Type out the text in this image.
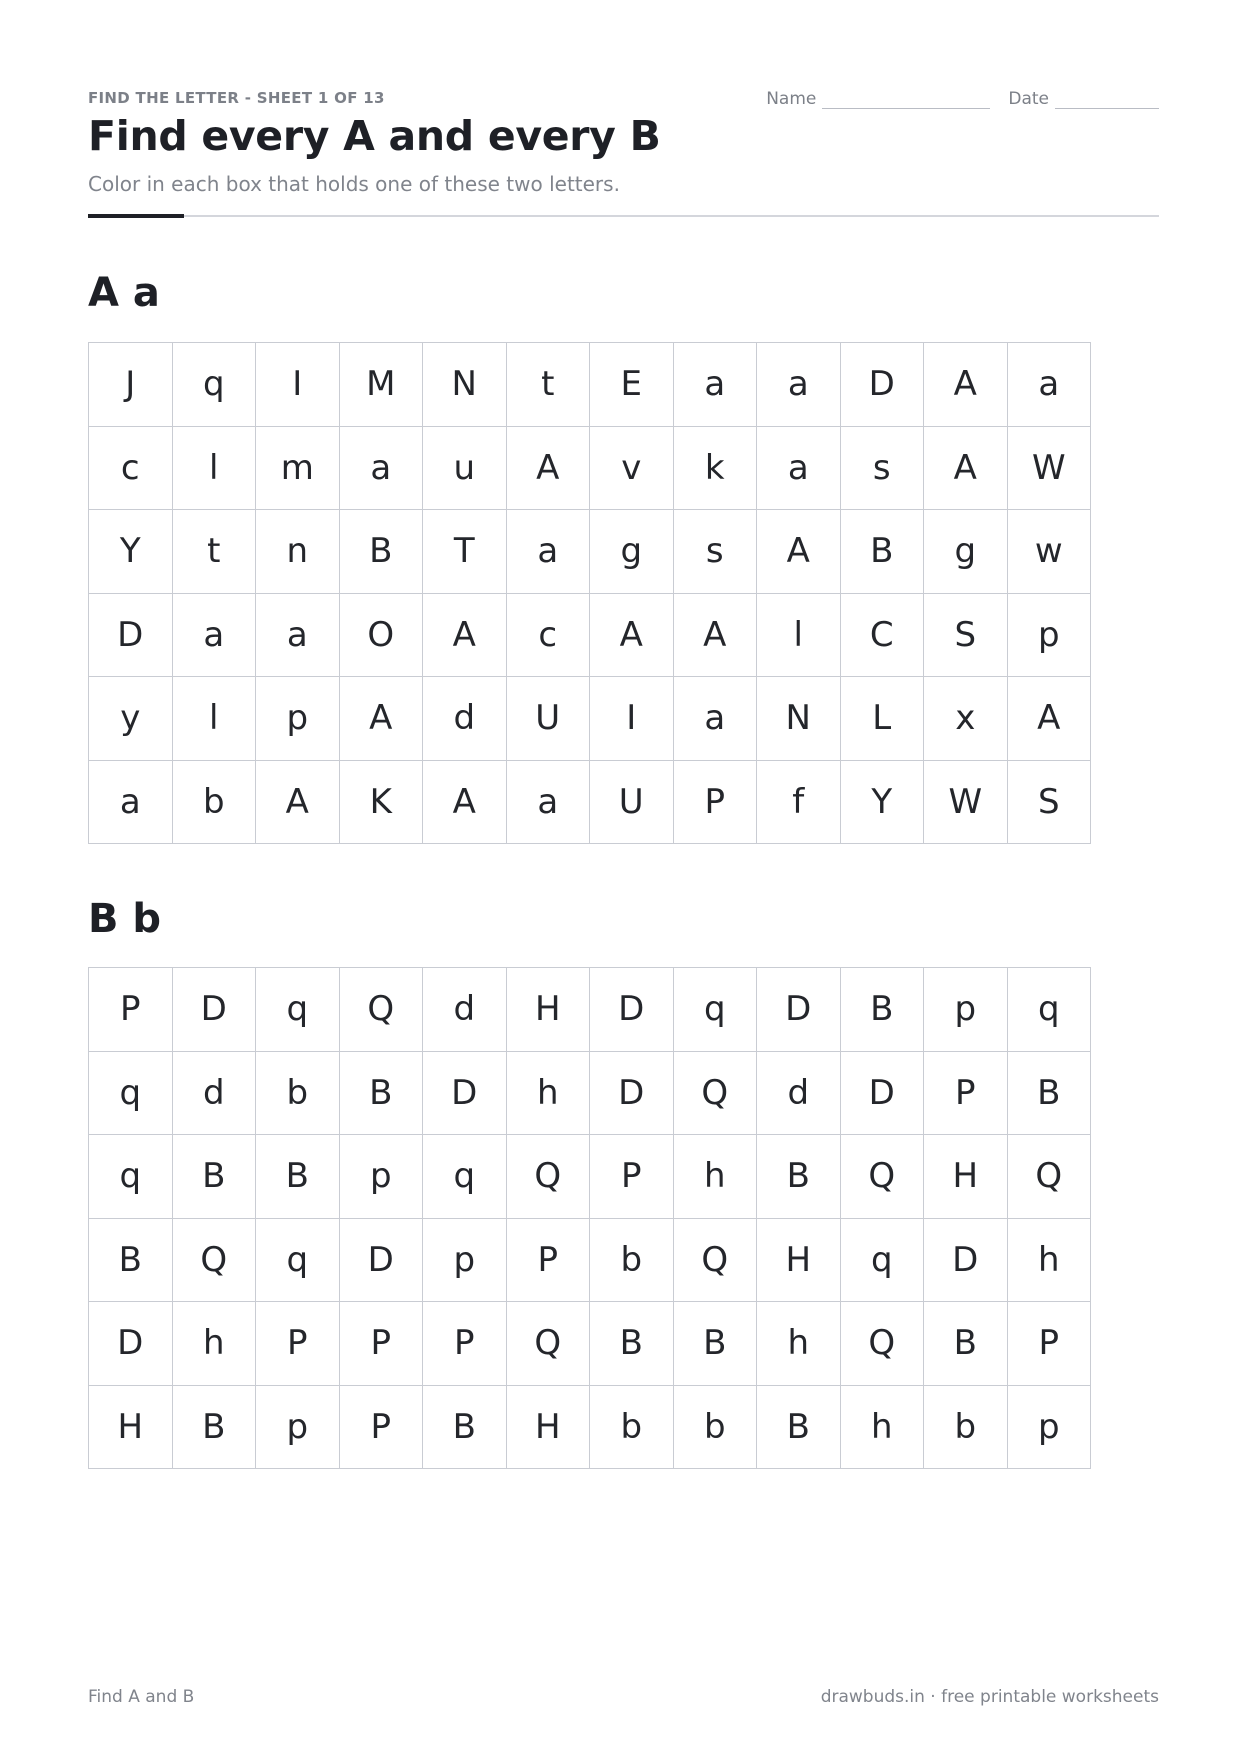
FIND THE LETTER - SHEET 1 OF 13	Name	Date
Find every A and every B
Color in each box that holds one of these two letters.
A a
J	q	I	M	N	t	E	a	a	D	A	a
c	l	m	a	u	A	v	k	a	s	A	W
Y	t	n	B	T	a	g	s	A	B	g	w
D	a	a	O	A	c	A	A	l	C	S	p
y	l	p	A	d	U	I	a	N	L	x	A
a	b	A	K	A	a	U	P	f	Y	W	S
B b
P	D	q	Q	d	H	D	q	D	B	p	q
q	d	b	B	D	h	D	Q	d	D	P	B
q	B	B	p	q	Q	P	h	B	Q	H	Q
B	Q	q	D	p	P	b	Q	H	q	D	h
D	h	P	P	P	Q	B	B	h	Q	B	P
H	B	p	P	B	H	b	b	B	h	b	p
Find A and B	drawbuds.in · free printable worksheets
